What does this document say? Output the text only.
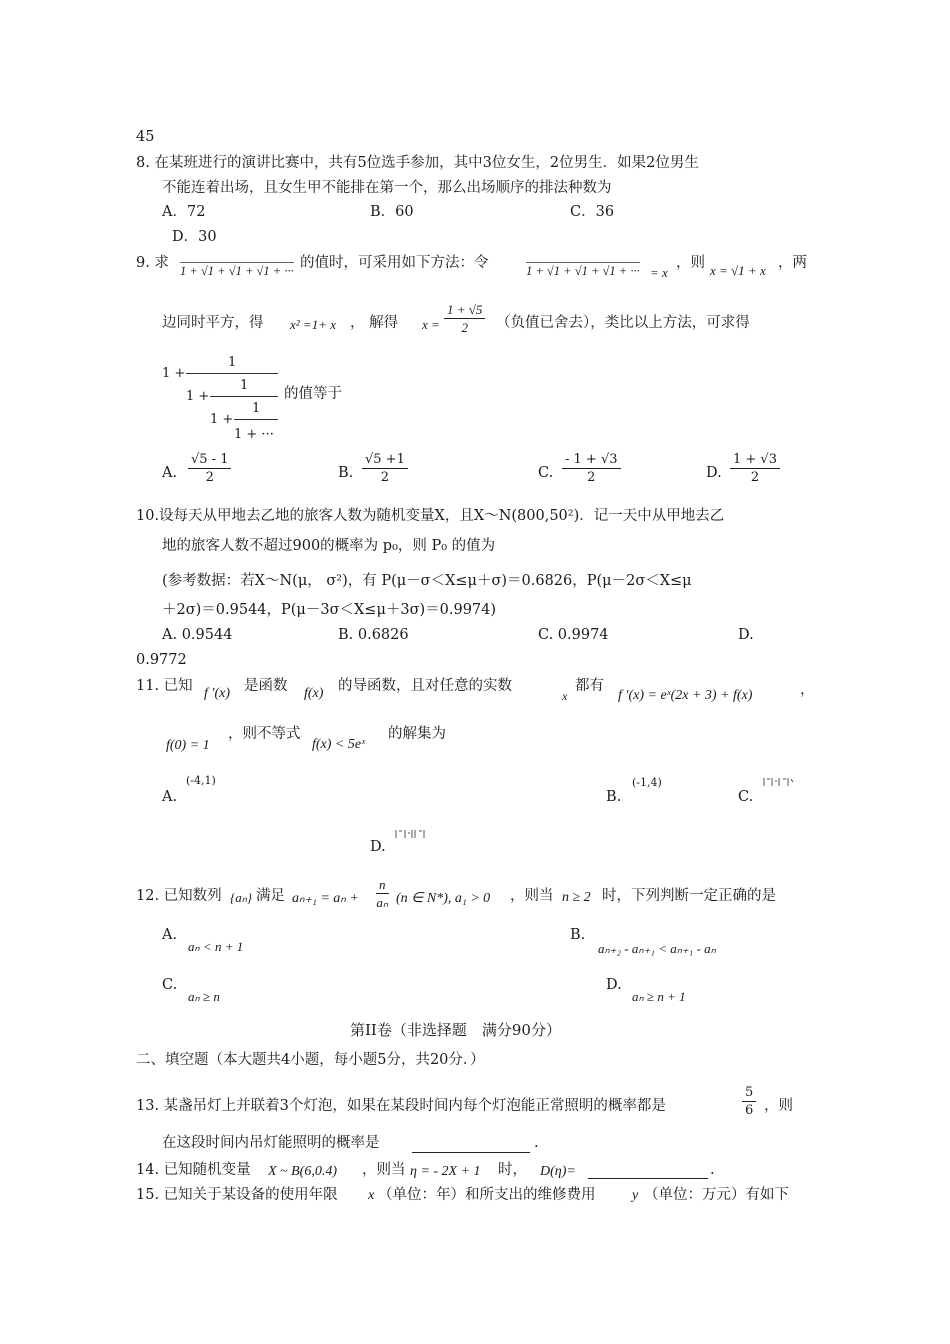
45
8. 在某班进行的演讲比赛中，共有5位选手参加，其中3位女生，2位男生．如果2位男生
不能连着出场，且女生甲不能排在第一个，那么出场顺序的排法种数为
A．72	B．60	C．36
D．30
9. 求 1 + √1 + √1 + √1 + ··· 的值时，可采用如下方法：令	1 + √1 + √1 + √1 + ··· = x
，则 x = √1 + x ，两
边同时平方，得 x² =1+ x ， 解得 $x = \frac{1 + √5}{2}$ （负值已舍去），类比以上方法，可求得
1 +
1
1 +
1
1 +
1
1 + ···
的值等于
A. $\frac{√5 - 1}{2}$	B. $\frac{√5 +1}{2}$	C. $\frac{- 1 + √3}{2}$	D. $\frac{1 + √3}{2}$
10.设每天从甲地去乙地的旅客人数为随机变量X，且X～N(800,50²)．记一天中从甲地去乙
地的旅客人数不超过900的概率为 p₀，则 P₀ 的值为
(参考数据：若X～N(μ， σ²)，有 P(μ－σ＜X≤μ＋σ)＝0.6826，P(μ－2σ＜X≤μ
＋2σ)＝0.9544，P(μ－3σ＜X≤μ＋3σ)＝0.9974)
A. 0.9544	B. 0.6826	C. 0.9974	D.
0.9772
11. 已知 f ′(x) 是函数 f(x) 的导函数，且对任意的实数
x
都有
f ′(x) = eˣ(2x + 3) + f(x)	，
f(0) = 1
，则不等式
f(x) < 5eˣ
的解集为
A.
(-4,1)
B.
(-1,4)
C.
D.
12. 已知数列 {aₙ} 满足 $a_{n+1} = a_n + \frac{n}{\text{aₙ}} (n$ ∈ N*), a₁ > 0 ，则当 n ≥ 2 时，下列判断一定正确的是
A.
aₙ < n + 1
B.
aₙ₊₂ - aₙ₊₁ < aₙ₊₁ - aₙ
C.
aₙ ≥ n
D.
aₙ ≥ n + 1
第II卷（非选择题　满分90分）
二、填空题（本大题共4小题，每小题5分，共20分．）
13. 某盏吊灯上并联着3个灯泡，如果在某段时间内每个灯泡能正常照明的概率都是	$\frac{5}{6}$ ，则
在这段时间内吊灯能照明的概率是	.
14. 已知随机变量 X ~ B(6,0.4) ，则当 η = - 2X + 1 时， D(η)=	.
15. 已知关于某设备的使用年限 x （单位：年）和所支出的维修费用	y （单位：万元）有如下
